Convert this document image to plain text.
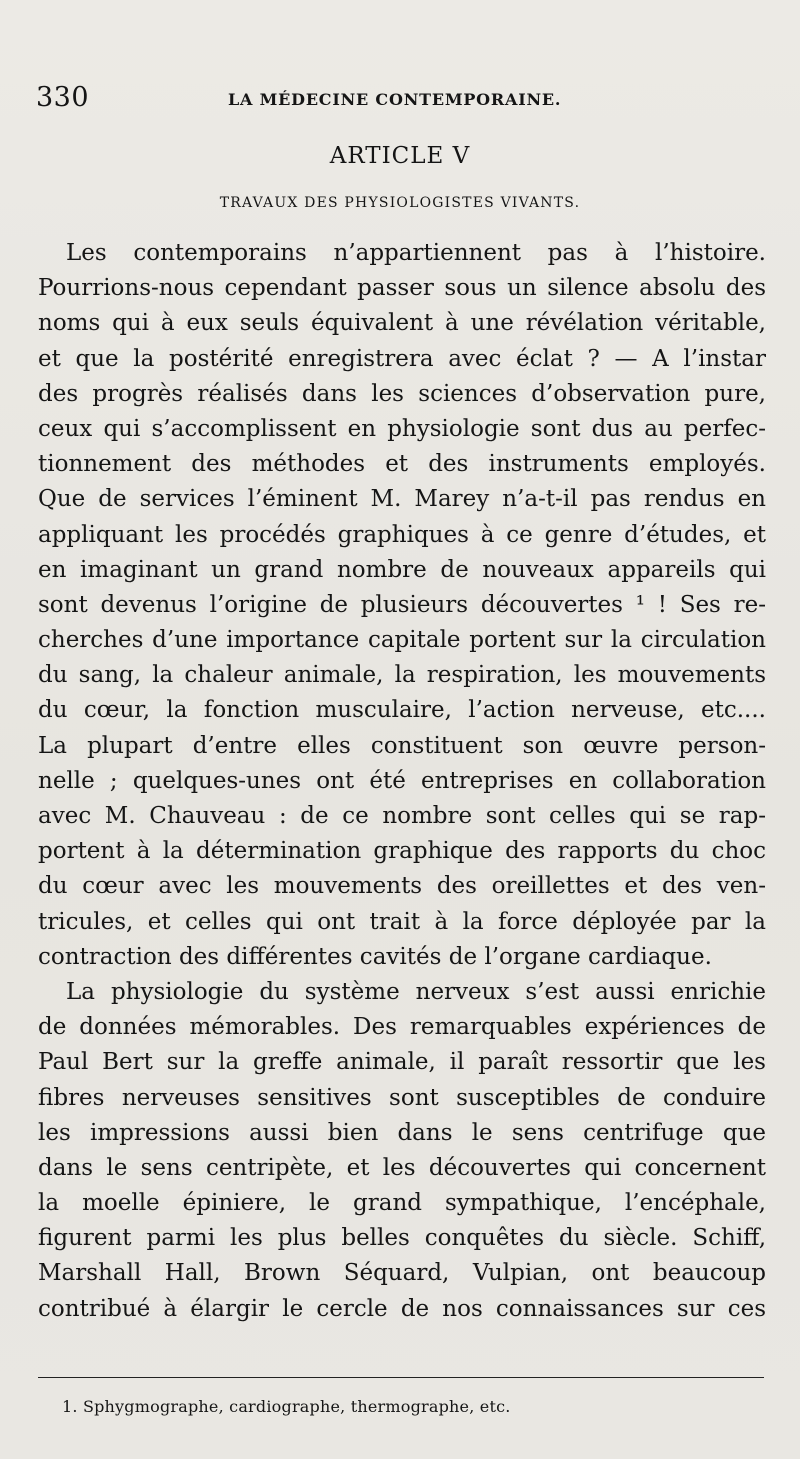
330	LA MÉDECINE CONTEMPORAINE.
ARTICLE V
TRAVAUX DES PHYSIOLOGISTES VIVANTS.
Les contemporains n’appartiennent pas à l’histoire.
Pourrions-nous cependant passer sous un silence absolu des
noms qui à eux seuls équivalent à une révélation véritable,
et que la postérité enregistrera avec éclat ? — A l’instar
des progrès réalisés dans les sciences d’observation pure,
ceux qui s’accomplissent en physiologie sont dus au perfec-
tionnement des méthodes et des instruments employés.
Que de services l’éminent M. Marey n’a-t-il pas rendus en
appliquant les procédés graphiques à ce genre d’études, et
en imaginant un grand nombre de nouveaux appareils qui
sont devenus l’origine de plusieurs découvertes ¹ ! Ses re-
cherches d’une importance capitale portent sur la circulation
du sang, la chaleur animale, la respiration, les mouvements
du cœur, la fonction musculaire, l’action nerveuse, etc....
La plupart d’entre elles constituent son œuvre person-
nelle ; quelques-unes ont été entreprises en collaboration
avec M. Chauveau : de ce nombre sont celles qui se rap-
portent à la détermination graphique des rapports du choc
du cœur avec les mouvements des oreillettes et des ven-
tricules, et celles qui ont trait à la force déployée par la
contraction des différentes cavités de l’organe cardiaque.
La physiologie du système nerveux s’est aussi enrichie
de données mémorables. Des remarquables expériences de
Paul Bert sur la greffe animale, il paraît ressortir que les
fibres nerveuses sensitives sont susceptibles de conduire
les impressions aussi bien dans le sens centrifuge que
dans le sens centripète, et les découvertes qui concernent
la moelle épiniere, le grand sympathique, l’encéphale,
figurent parmi les plus belles conquêtes du siècle. Schiff,
Marshall Hall, Brown Séquard, Vulpian, ont beaucoup
contribué à élargir le cercle de nos connaissances sur ces
1. Sphygmographe, cardiographe, thermographe, etc.
